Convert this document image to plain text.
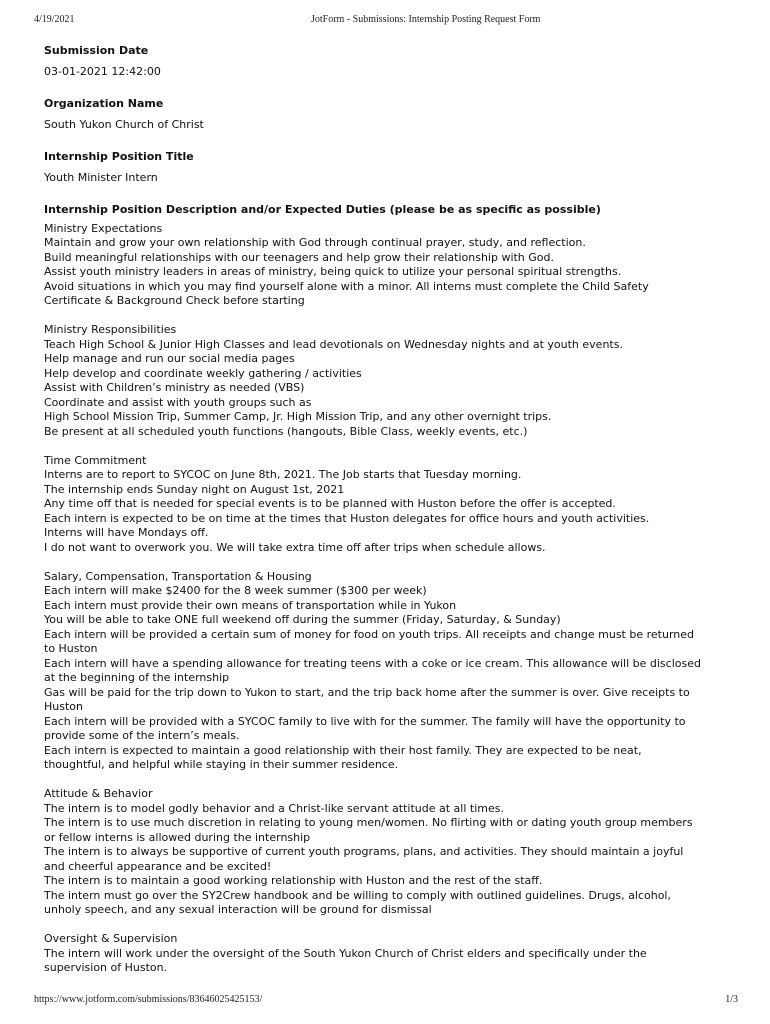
4/19/2021	JotForm - Submissions: Internship Posting Request Form
Submission Date
03-01-2021 12:42:00
Organization Name
South Yukon Church of Christ
Internship Position Title
Youth Minister Intern
Internship Position Description and/or Expected Duties (please be as specific as possible)
Ministry Expectations
Maintain and grow your own relationship with God through continual prayer, study, and reflection.
Build meaningful relationships with our teenagers and help grow their relationship with God.
Assist youth ministry leaders in areas of ministry, being quick to utilize your personal spiritual strengths.
Avoid situations in which you may find yourself alone with a minor. All interns must complete the Child Safety
Certificate & Background Check before starting
Ministry Responsibilities
Teach High School & Junior High Classes and lead devotionals on Wednesday nights and at youth events.
Help manage and run our social media pages
Help develop and coordinate weekly gathering / activities
Assist with Children’s ministry as needed (VBS)
Coordinate and assist with youth groups such as
High School Mission Trip, Summer Camp, Jr. High Mission Trip, and any other overnight trips.
Be present at all scheduled youth functions (hangouts, Bible Class, weekly events, etc.)
Time Commitment
Interns are to report to SYCOC on June 8th, 2021. The Job starts that Tuesday morning.
The internship ends Sunday night on August 1st, 2021
Any time off that is needed for special events is to be planned with Huston before the offer is accepted.
Each intern is expected to be on time at the times that Huston delegates for office hours and youth activities.
Interns will have Mondays off.
I do not want to overwork you. We will take extra time off after trips when schedule allows.
Salary, Compensation, Transportation & Housing
Each intern will make $2400 for the 8 week summer ($300 per week)
Each intern must provide their own means of transportation while in Yukon
You will be able to take ONE full weekend off during the summer (Friday, Saturday, & Sunday)
Each intern will be provided a certain sum of money for food on youth trips. All receipts and change must be returned
to Huston
Each intern will have a spending allowance for treating teens with a coke or ice cream. This allowance will be disclosed
at the beginning of the internship
Gas will be paid for the trip down to Yukon to start, and the trip back home after the summer is over. Give receipts to
Huston
Each intern will be provided with a SYCOC family to live with for the summer. The family will have the opportunity to
provide some of the intern’s meals.
Each intern is expected to maintain a good relationship with their host family. They are expected to be neat,
thoughtful, and helpful while staying in their summer residence.
Attitude & Behavior
The intern is to model godly behavior and a Christ-like servant attitude at all times.
The intern is to use much discretion in relating to young men/women. No flirting with or dating youth group members
or fellow interns is allowed during the internship
The intern is to always be supportive of current youth programs, plans, and activities. They should maintain a joyful
and cheerful appearance and be excited!
The intern is to maintain a good working relationship with Huston and the rest of the staff.
The intern must go over the SY2Crew handbook and be willing to comply with outlined guidelines. Drugs, alcohol,
unholy speech, and any sexual interaction will be ground for dismissal
Oversight & Supervision
The intern will work under the oversight of the South Yukon Church of Christ elders and specifically under the
supervision of Huston.
https://www.jotform.com/submissions/83646025425153/	1/3
